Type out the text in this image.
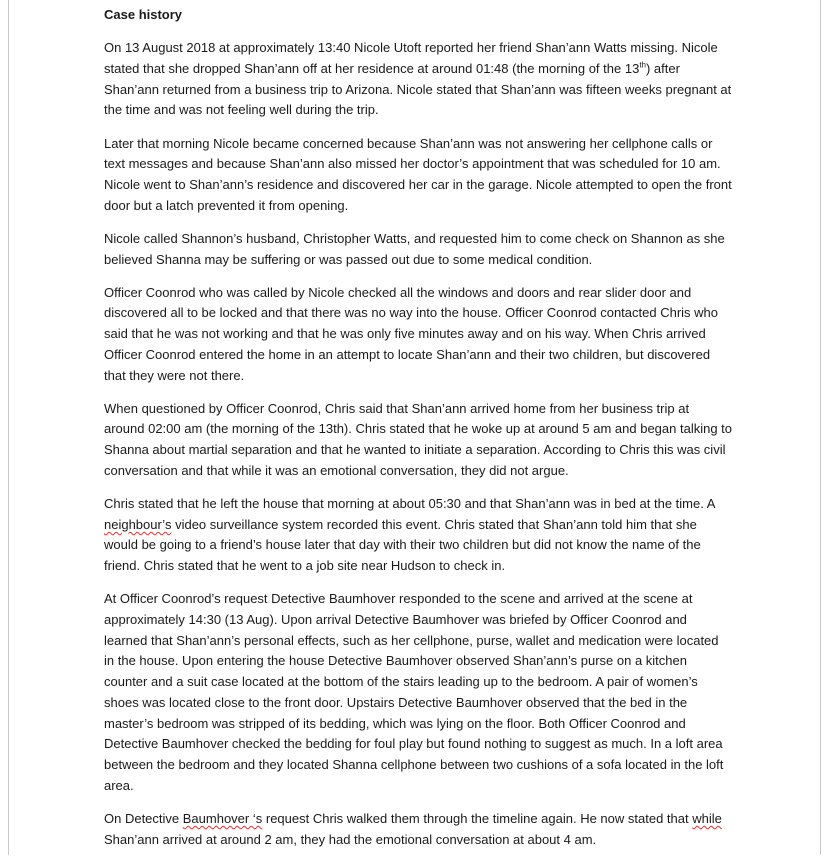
Case history

On 13 August 2018 at approximately 13:40 Nicole Utoft reported her friend Shan’ann Watts missing. Nicole stated that she dropped Shan’ann off at her residence at around 01:48 (the morning of the 13th) after Shan’ann returned from a business trip to Arizona. Nicole stated that Shan’ann was fifteen weeks pregnant at the time and was not feeling well during the trip.

Later that morning Nicole became concerned because Shan’ann was not answering her cellphone calls or text messages and because Shan’ann also missed her doctor’s appointment that was scheduled for 10 am. Nicole went to Shan’ann’s residence and discovered her car in the garage. Nicole attempted to open the front door but a latch prevented it from opening.

Nicole called Shannon’s husband, Christopher Watts, and requested him to come check on Shannon as she believed Shanna may be suffering or was passed out due to some medical condition.

Officer Coonrod who was called by Nicole checked all the windows and doors and rear slider door and discovered all to be locked and that there was no way into the house. Officer Coonrod contacted Chris who said that he was not working and that he was only five minutes away and on his way. When Chris arrived Officer Coonrod entered the home in an attempt to locate Shan’ann and their two children, but discovered that they were not there.

When questioned by Officer Coonrod, Chris said that Shan’ann arrived home from her business trip at around 02:00 am (the morning of the 13th). Chris stated that he woke up at around 5 am and began talking to Shanna about martial separation and that he wanted to initiate a separation. According to Chris this was civil conversation and that while it was an emotional conversation, they did not argue.

Chris stated that he left the house that morning at about 05:30 and that Shan’ann was in bed at the time. A neighbour’s video surveillance system recorded this event. Chris stated that Shan’ann told him that she would be going to a friend’s house later that day with their two children but did not know the name of the friend. Chris stated that he went to a job site near Hudson to check in.

At Officer Coonrod’s request Detective Baumhover responded to the scene and arrived at the scene at approximately 14:30 (13 Aug). Upon arrival Detective Baumhover was briefed by Officer Coonrod and learned that Shan’ann’s personal effects, such as her cellphone, purse, wallet and medication were located in the house. Upon entering the house Detective Baumhover observed Shan’ann’s purse on a kitchen counter and a suit case located at the bottom of the stairs leading up to the bedroom. A pair of women’s shoes was located close to the front door. Upstairs Detective Baumhover observed that the bed in the master’s bedroom was stripped of its bedding, which was lying on the floor. Both Officer Coonrod and Detective Baumhover checked the bedding for foul play but found nothing to suggest as much. In a loft area between the bedroom and they located Shanna cellphone between two cushions of a sofa located in the loft area.

On Detective Baumhover ‘s request Chris walked them through the timeline again. He now stated that while Shan’ann arrived at around 2 am, they had the emotional conversation at about 4 am.
